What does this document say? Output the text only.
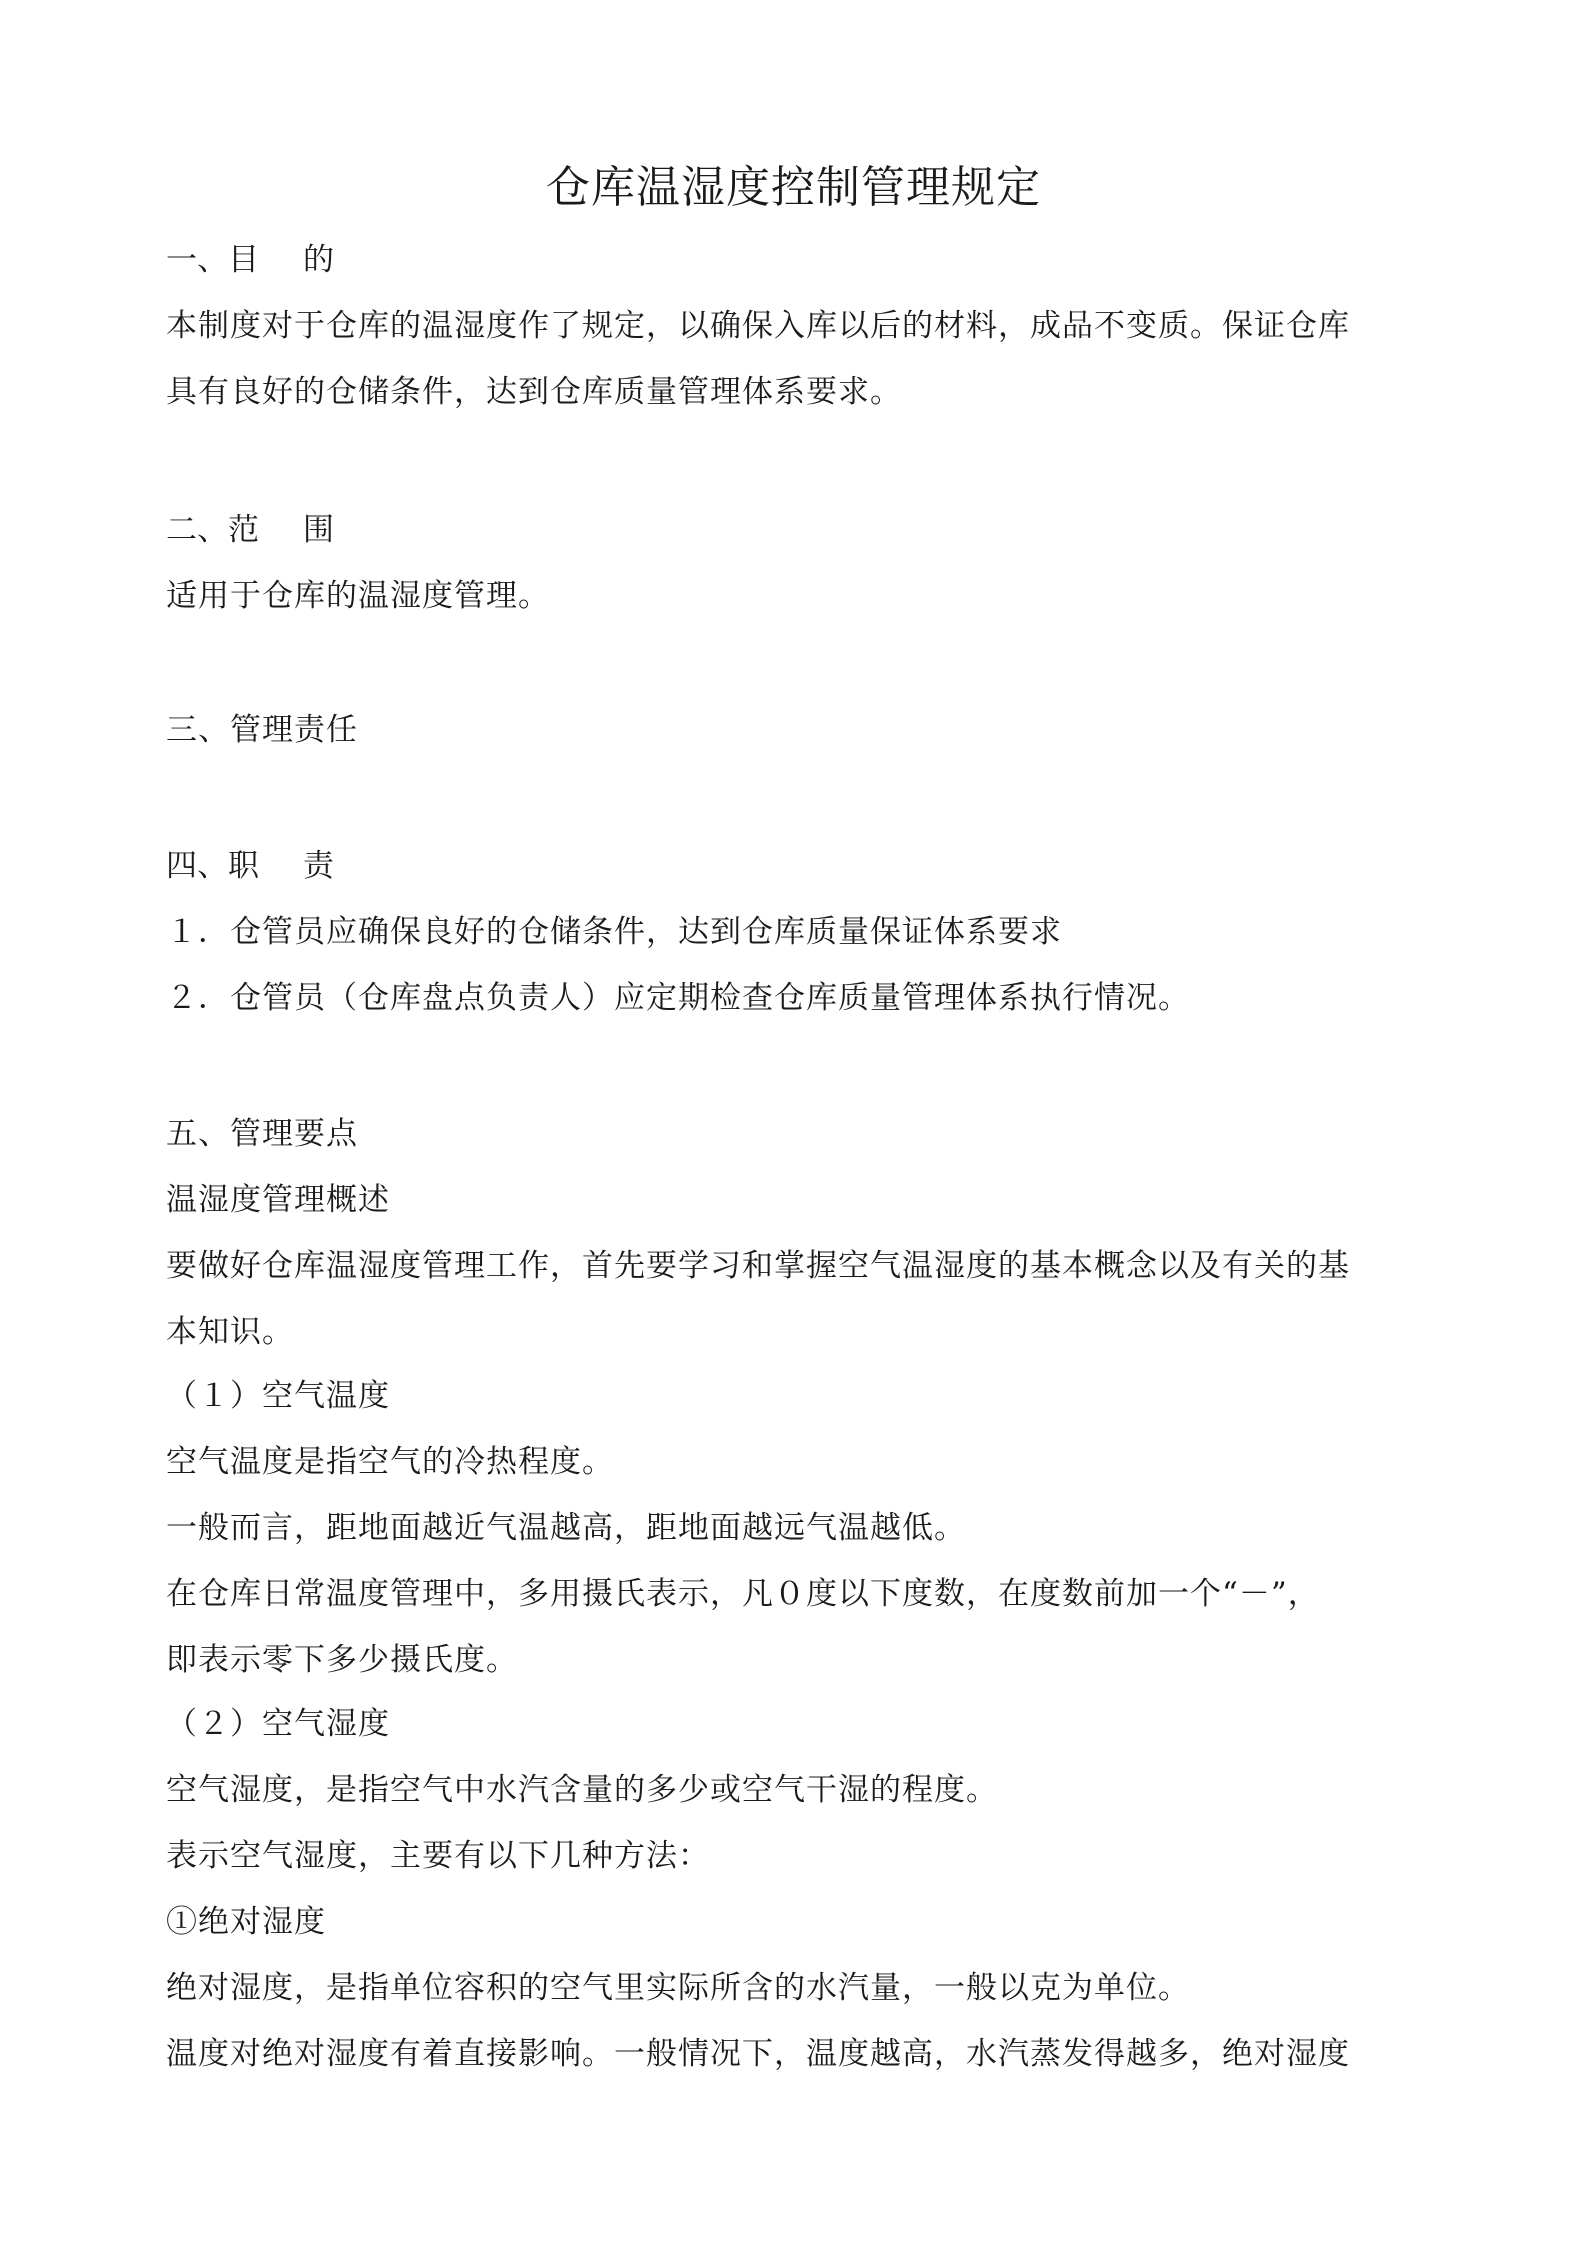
仓库温湿度控制管理规定
一、目 的
本制度对于仓库的温湿度作了规定，以确保入库以后的材料，成品不变质。保证仓库
具有良好的仓储条件，达到仓库质量管理体系要求。
二、范 围
适用于仓库的温湿度管理。
三、管理责任
四、职 责
１．仓管员应确保良好的仓储条件，达到仓库质量保证体系要求
２．仓管员（仓库盘点负责人）应定期检查仓库质量管理体系执行情况。
五、管理要点
温湿度管理概述
要做好仓库温湿度管理工作，首先要学习和掌握空气温湿度的基本概念以及有关的基
本知识。
（１）空气温度
空气温度是指空气的冷热程度。
一般而言，距地面越近气温越高，距地面越远气温越低。
在仓库日常温度管理中，多用摄氏表示，凡０度以下度数，在度数前加一个“－”，
即表示零下多少摄氏度。
（２）空气湿度
空气湿度，是指空气中水汽含量的多少或空气干湿的程度。
表示空气湿度，主要有以下几种方法：
①绝对湿度
绝对湿度，是指单位容积的空气里实际所含的水汽量，一般以克为单位。
温度对绝对湿度有着直接影响。一般情况下，温度越高，水汽蒸发得越多，绝对湿度
